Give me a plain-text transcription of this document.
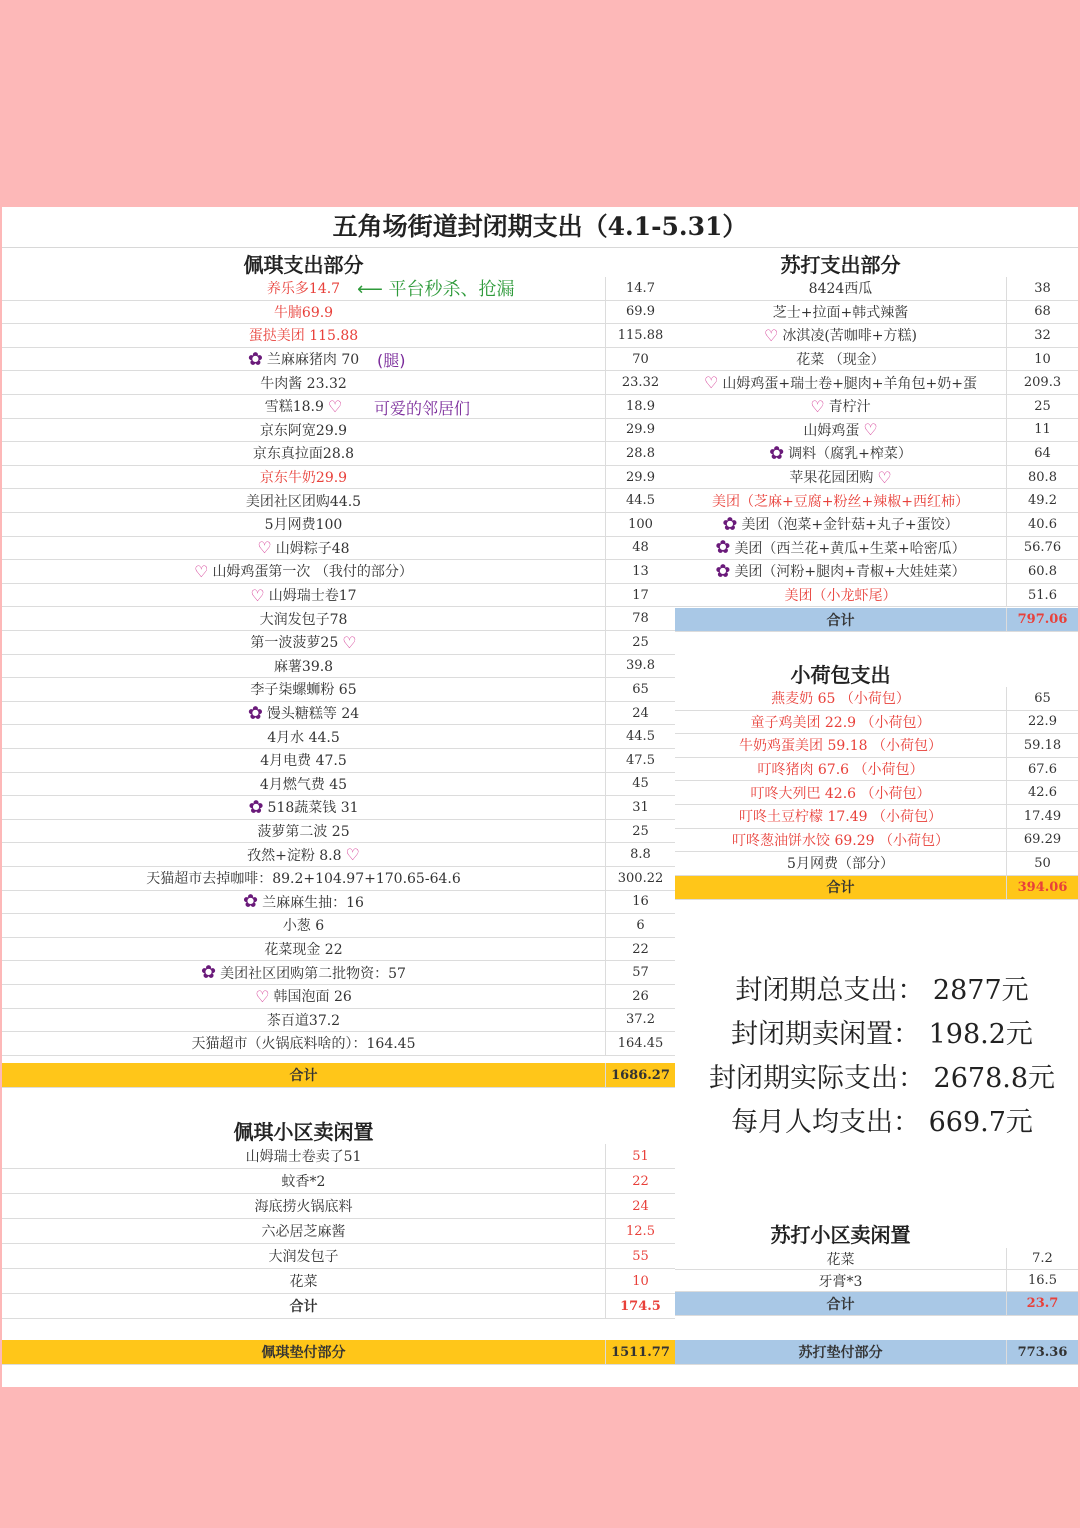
五角场街道封闭期支出（4.1-5.31）
⟵ 平台秒杀、抢漏
(腿)
可爱的邻居们
佩琪支出部分
养乐多14.7	14.7
牛腩69.9	69.9
蛋挞美团 115.88	115.88
✿ 兰麻麻猪肉 70	70
牛肉酱 23.32	23.32
雪糕18.9 ♡	18.9
京东阿宽29.9	29.9
京东真拉面28.8	28.8
京东牛奶29.9	29.9
美团社区团购44.5	44.5
5月网费100	100
♡ 山姆粽子48	48
♡ 山姆鸡蛋第一次 （我付的部分）	13
♡ 山姆瑞士卷17	17
大润发包子78	78
第一波菠萝25 ♡	25
麻薯39.8	39.8
李子柒螺蛳粉 65	65
✿ 馒头糖糕等 24	24
4月水 44.5	44.5
4月电费 47.5	47.5
4月燃气费 45	45
✿ 518蔬菜钱 31	31
菠萝第二波 25	25
孜然+淀粉 8.8 ♡	8.8
天猫超市去掉咖啡：89.2+104.97+170.65-64.6	300.22
✿ 兰麻麻生抽：16	16
小葱 6	6
花菜现金 22	22
✿ 美团社区团购第二批物资：57	57
♡ 韩国泡面 26	26
茶百道37.2	37.2
天猫超市（火锅底料啥的）：164.45	164.45
合计	1686.27
佩琪小区卖闲置
山姆瑞士卷卖了51	51
蚊香*2	22
海底捞火锅底料	24
六必居芝麻酱	12.5
大润发包子	55
花菜	10
合计	174.5
佩琪垫付部分	1511.77
苏打支出部分
8424西瓜	38
芝士+拉面+韩式辣酱	68
♡ 冰淇凌(苦咖啡+方糕)	32
花菜 （现金）	10
♡ 山姆鸡蛋+瑞士卷+腿肉+羊角包+奶+蛋	209.3
♡ 青柠汁	25
山姆鸡蛋 ♡	11
✿ 调料（腐乳+榨菜）	64
苹果花园团购 ♡	80.8
美团（芝麻+豆腐+粉丝+辣椒+西红柿）	49.2
✿ 美团（泡菜+金针菇+丸子+蛋饺）	40.6
✿ 美团（西兰花+黄瓜+生菜+哈密瓜）	56.76
✿ 美团（河粉+腿肉+青椒+大娃娃菜）	60.8
美团（小龙虾尾）	51.6
合计	797.06
小荷包支出
燕麦奶 65 （小荷包）	65
童子鸡美团 22.9 （小荷包）	22.9
牛奶鸡蛋美团 59.18 （小荷包）	59.18
叮咚猪肉 67.6 （小荷包）	67.6
叮咚大列巴 42.6 （小荷包）	42.6
叮咚土豆柠檬 17.49 （小荷包）	17.49
叮咚葱油饼水饺 69.29 （小荷包）	69.29
5月网费（部分）	50
合计	394.06
封闭期总支出： 2877元
封闭期卖闲置： 198.2元
封闭期实际支出： 2678.8元
每月人均支出： 669.7元
苏打小区卖闲置
花菜	7.2
牙膏*3	16.5
合计	23.7
苏打垫付部分	773.36
